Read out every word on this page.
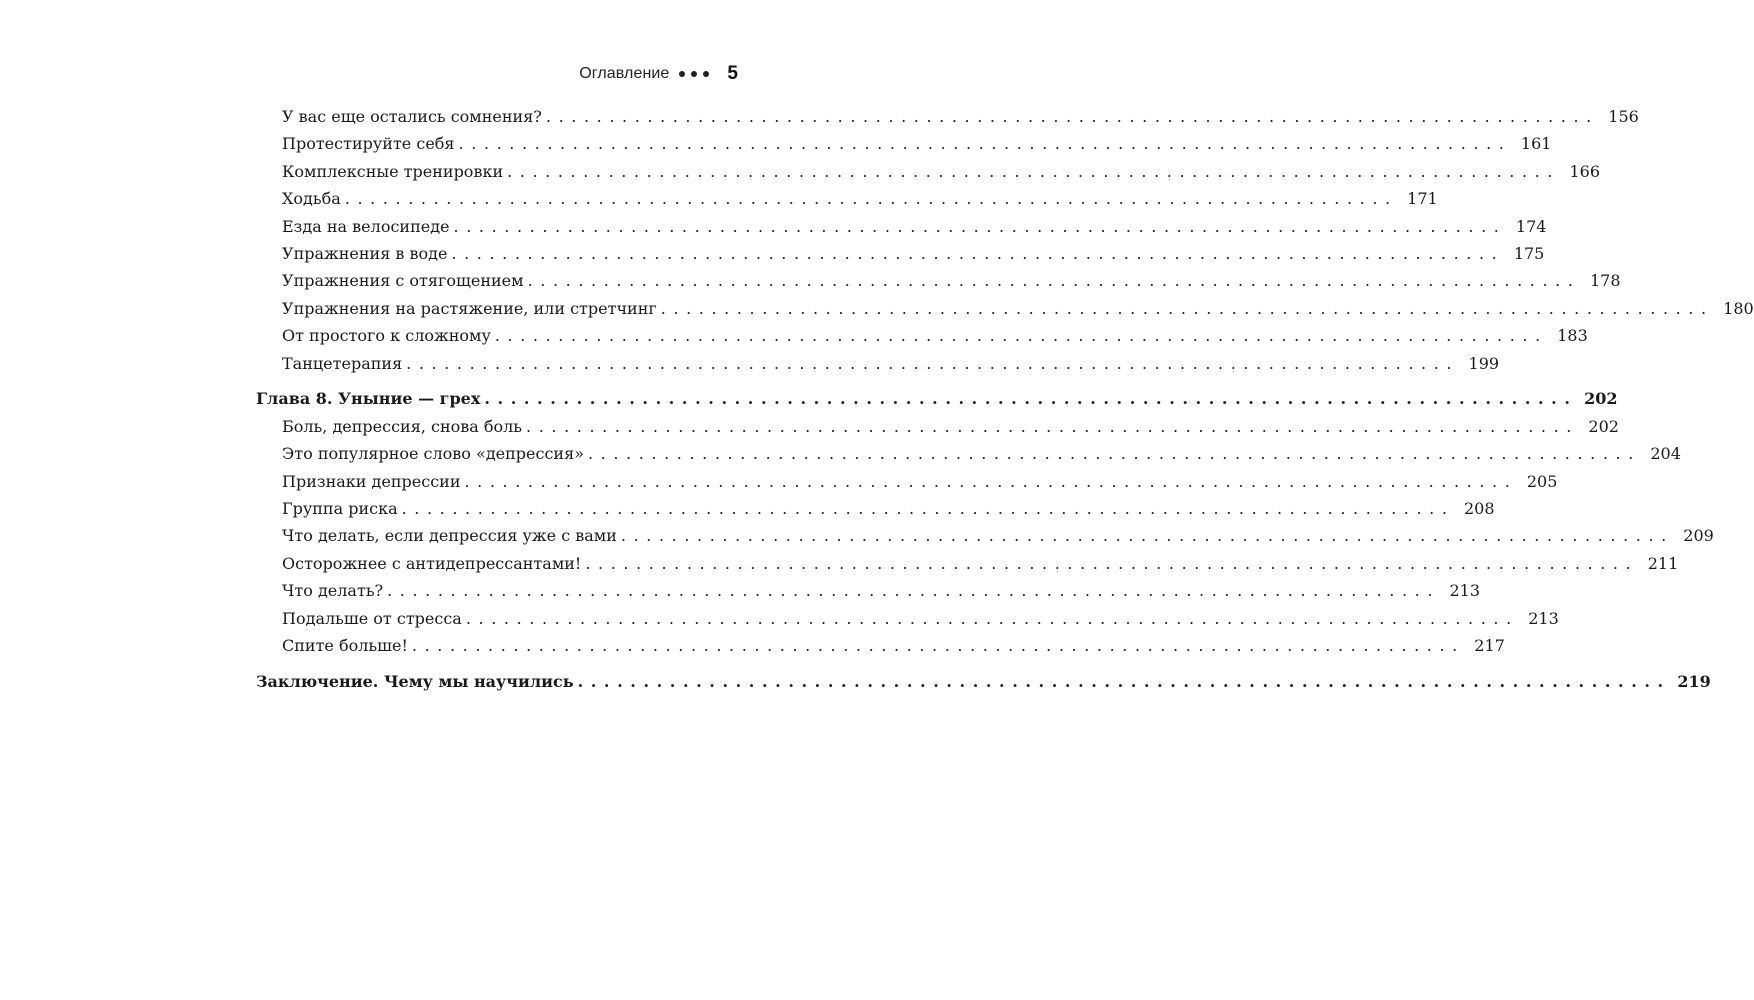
Оглавление	5
У вас еще остались сомнения? ................................................................................... 156
Протестируйте себя ................................................................................... 161
Комплексные тренировки ................................................................................... 166
Ходьба ................................................................................... 171
Езда на велосипеде ................................................................................... 174
Упражнения в воде ................................................................................... 175
Упражнения с отягощением ................................................................................... 178
Упражнения на растяжение, или стретчинг ................................................................................... 180
От простого к сложному ................................................................................... 183
Танцетерапия ................................................................................... 199
Глава 8. Уныние — грех ................................................................................... 202
Боль, депрессия, снова боль ................................................................................... 202
Это популярное слово «депрессия» ................................................................................... 204
Признаки депрессии ................................................................................... 205
Группа риска ................................................................................... 208
Что делать, если депрессия уже с вами ................................................................................... 209
Осторожнее с антидепрессантами! ................................................................................... 211
Что делать? ................................................................................... 213
Подальше от стресса ................................................................................... 213
Спите больше! ................................................................................... 217
Заключение. Чему мы научились ................................................................................... 219
